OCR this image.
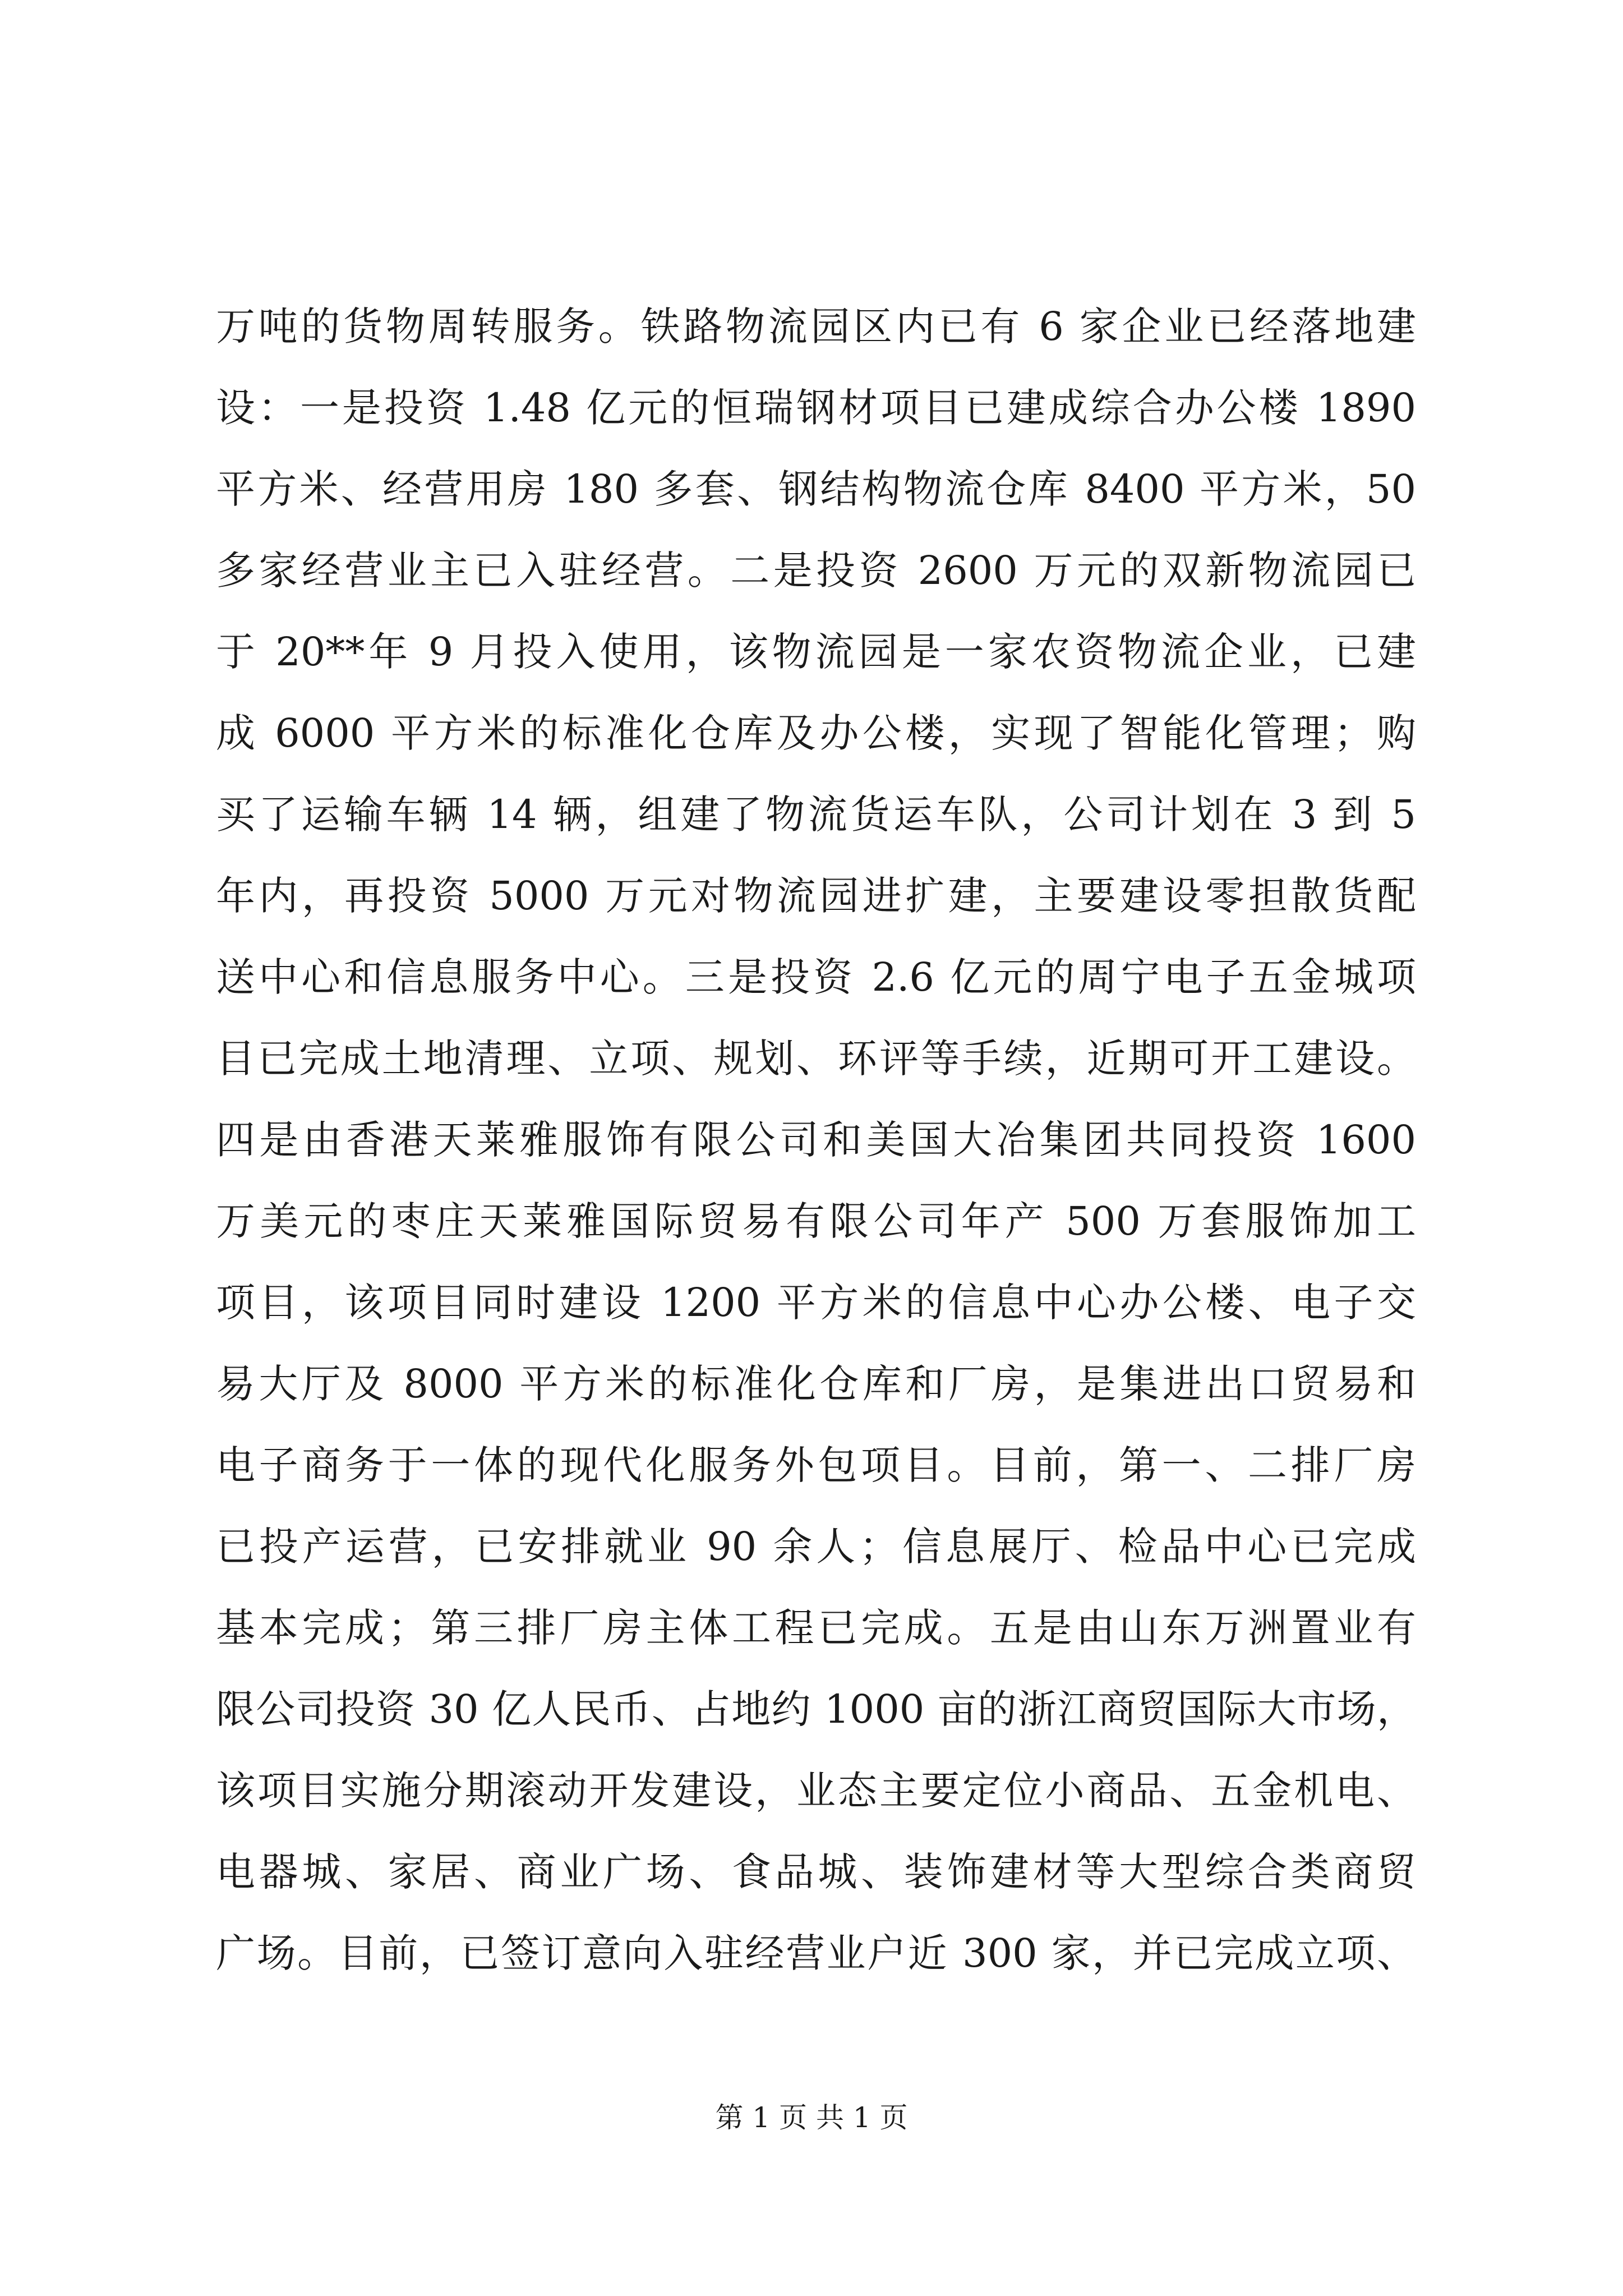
万吨的货物周转服务。铁路物流园区内已有 6 家企业已经落地建
设：一是投资 1.48 亿元的恒瑞钢材项目已建成综合办公楼 1890
平方米、经营用房 180 多套、钢结构物流仓库 8400 平方米，50
多家经营业主已入驻经营。二是投资 2600 万元的双新物流园已
于 20**年 9 月投入使用，该物流园是一家农资物流企业，已建
成 6000 平方米的标准化仓库及办公楼，实现了智能化管理；购
买了运输车辆 14 辆，组建了物流货运车队，公司计划在 3 到 5
年内，再投资 5000 万元对物流园进扩建，主要建设零担散货配
送中心和信息服务中心。三是投资 2.6 亿元的周宁电子五金城项
目已完成土地清理、立项、规划、环评等手续，近期可开工建设。
四是由香港天莱雅服饰有限公司和美国大冶集团共同投资 1600
万美元的枣庄天莱雅国际贸易有限公司年产 500 万套服饰加工
项目，该项目同时建设 1200 平方米的信息中心办公楼、电子交
易大厅及 8000 平方米的标准化仓库和厂房，是集进出口贸易和
电子商务于一体的现代化服务外包项目。目前，第一、二排厂房
已投产运营，已安排就业 90 余人；信息展厅、检品中心已完成
基本完成；第三排厂房主体工程已完成。五是由山东万洲置业有
限公司投资 30 亿人民币、占地约 1000 亩的浙江商贸国际大市场，
该项目实施分期滚动开发建设，业态主要定位小商品、五金机电、
电器城、家居、商业广场、食品城、装饰建材等大型综合类商贸
广场。目前，已签订意向入驻经营业户近 300 家，并已完成立项、
第 1 页 共 1 页
